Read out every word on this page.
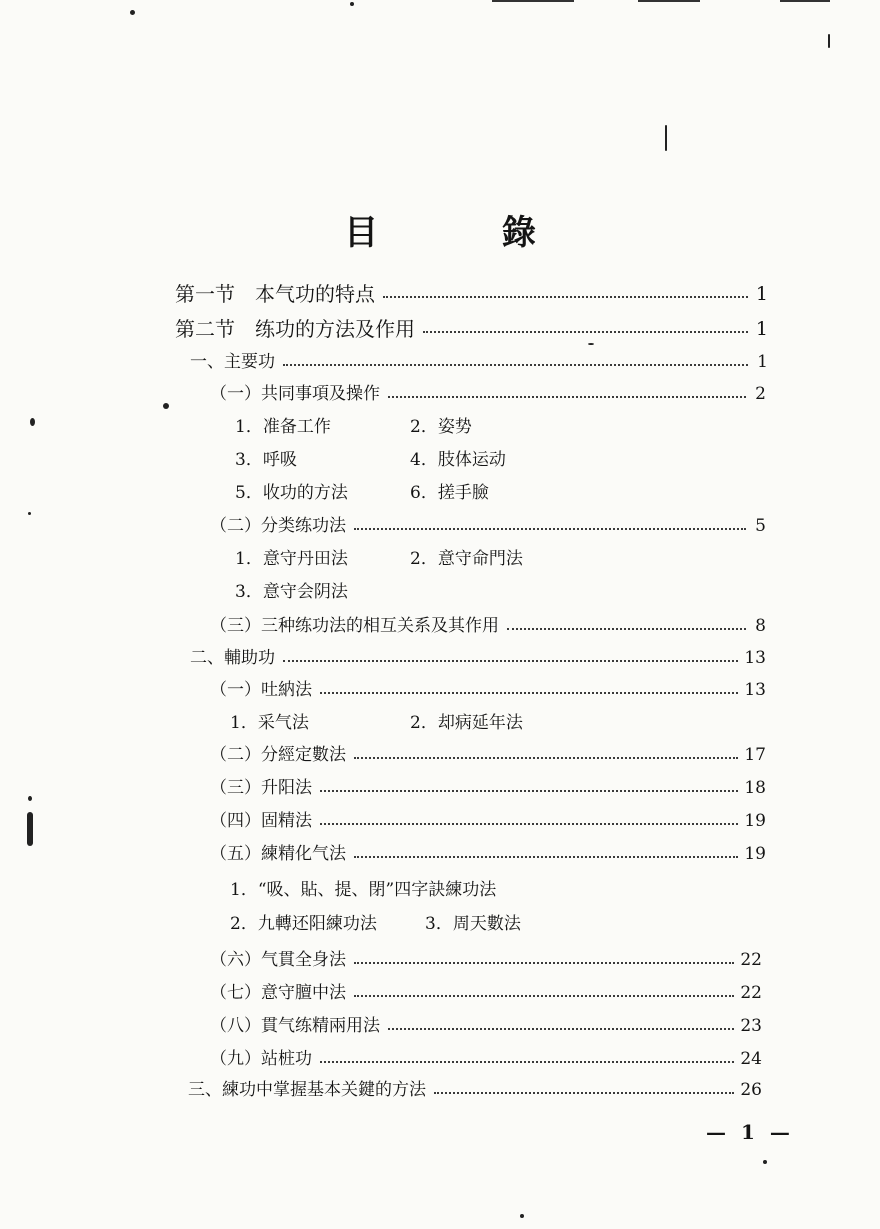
目 錄
第一节　本气功的特点	1
第二节　练功的方法及作用	1
一、主要功	1
（一）共同事項及操作	2
1．准备工作	2．姿势
3．呼吸	4．肢体运动
5．收功的方法	6．搓手臉
（二）分类练功法	5
1．意守丹田法	2．意守命門法
3．意守会阴法
（三）三种练功法的相互关系及其作用	8
二、輔助功	13
（一）吐納法	13
1．采气法	2．却病延年法
（二）分經定數法	17
（三）升阳法	18
（四）固精法	19
（五）練精化气法	19
1．“吸、貼、提、閉”四字訣練功法
2．九轉还阳練功法	3．周天數法
（六）气貫全身法	22
（七）意守膻中法	22
（八）貫气练精兩用法	23
（九）站桩功	24
三、練功中掌握基本关鍵的方法	26
— 1 —
